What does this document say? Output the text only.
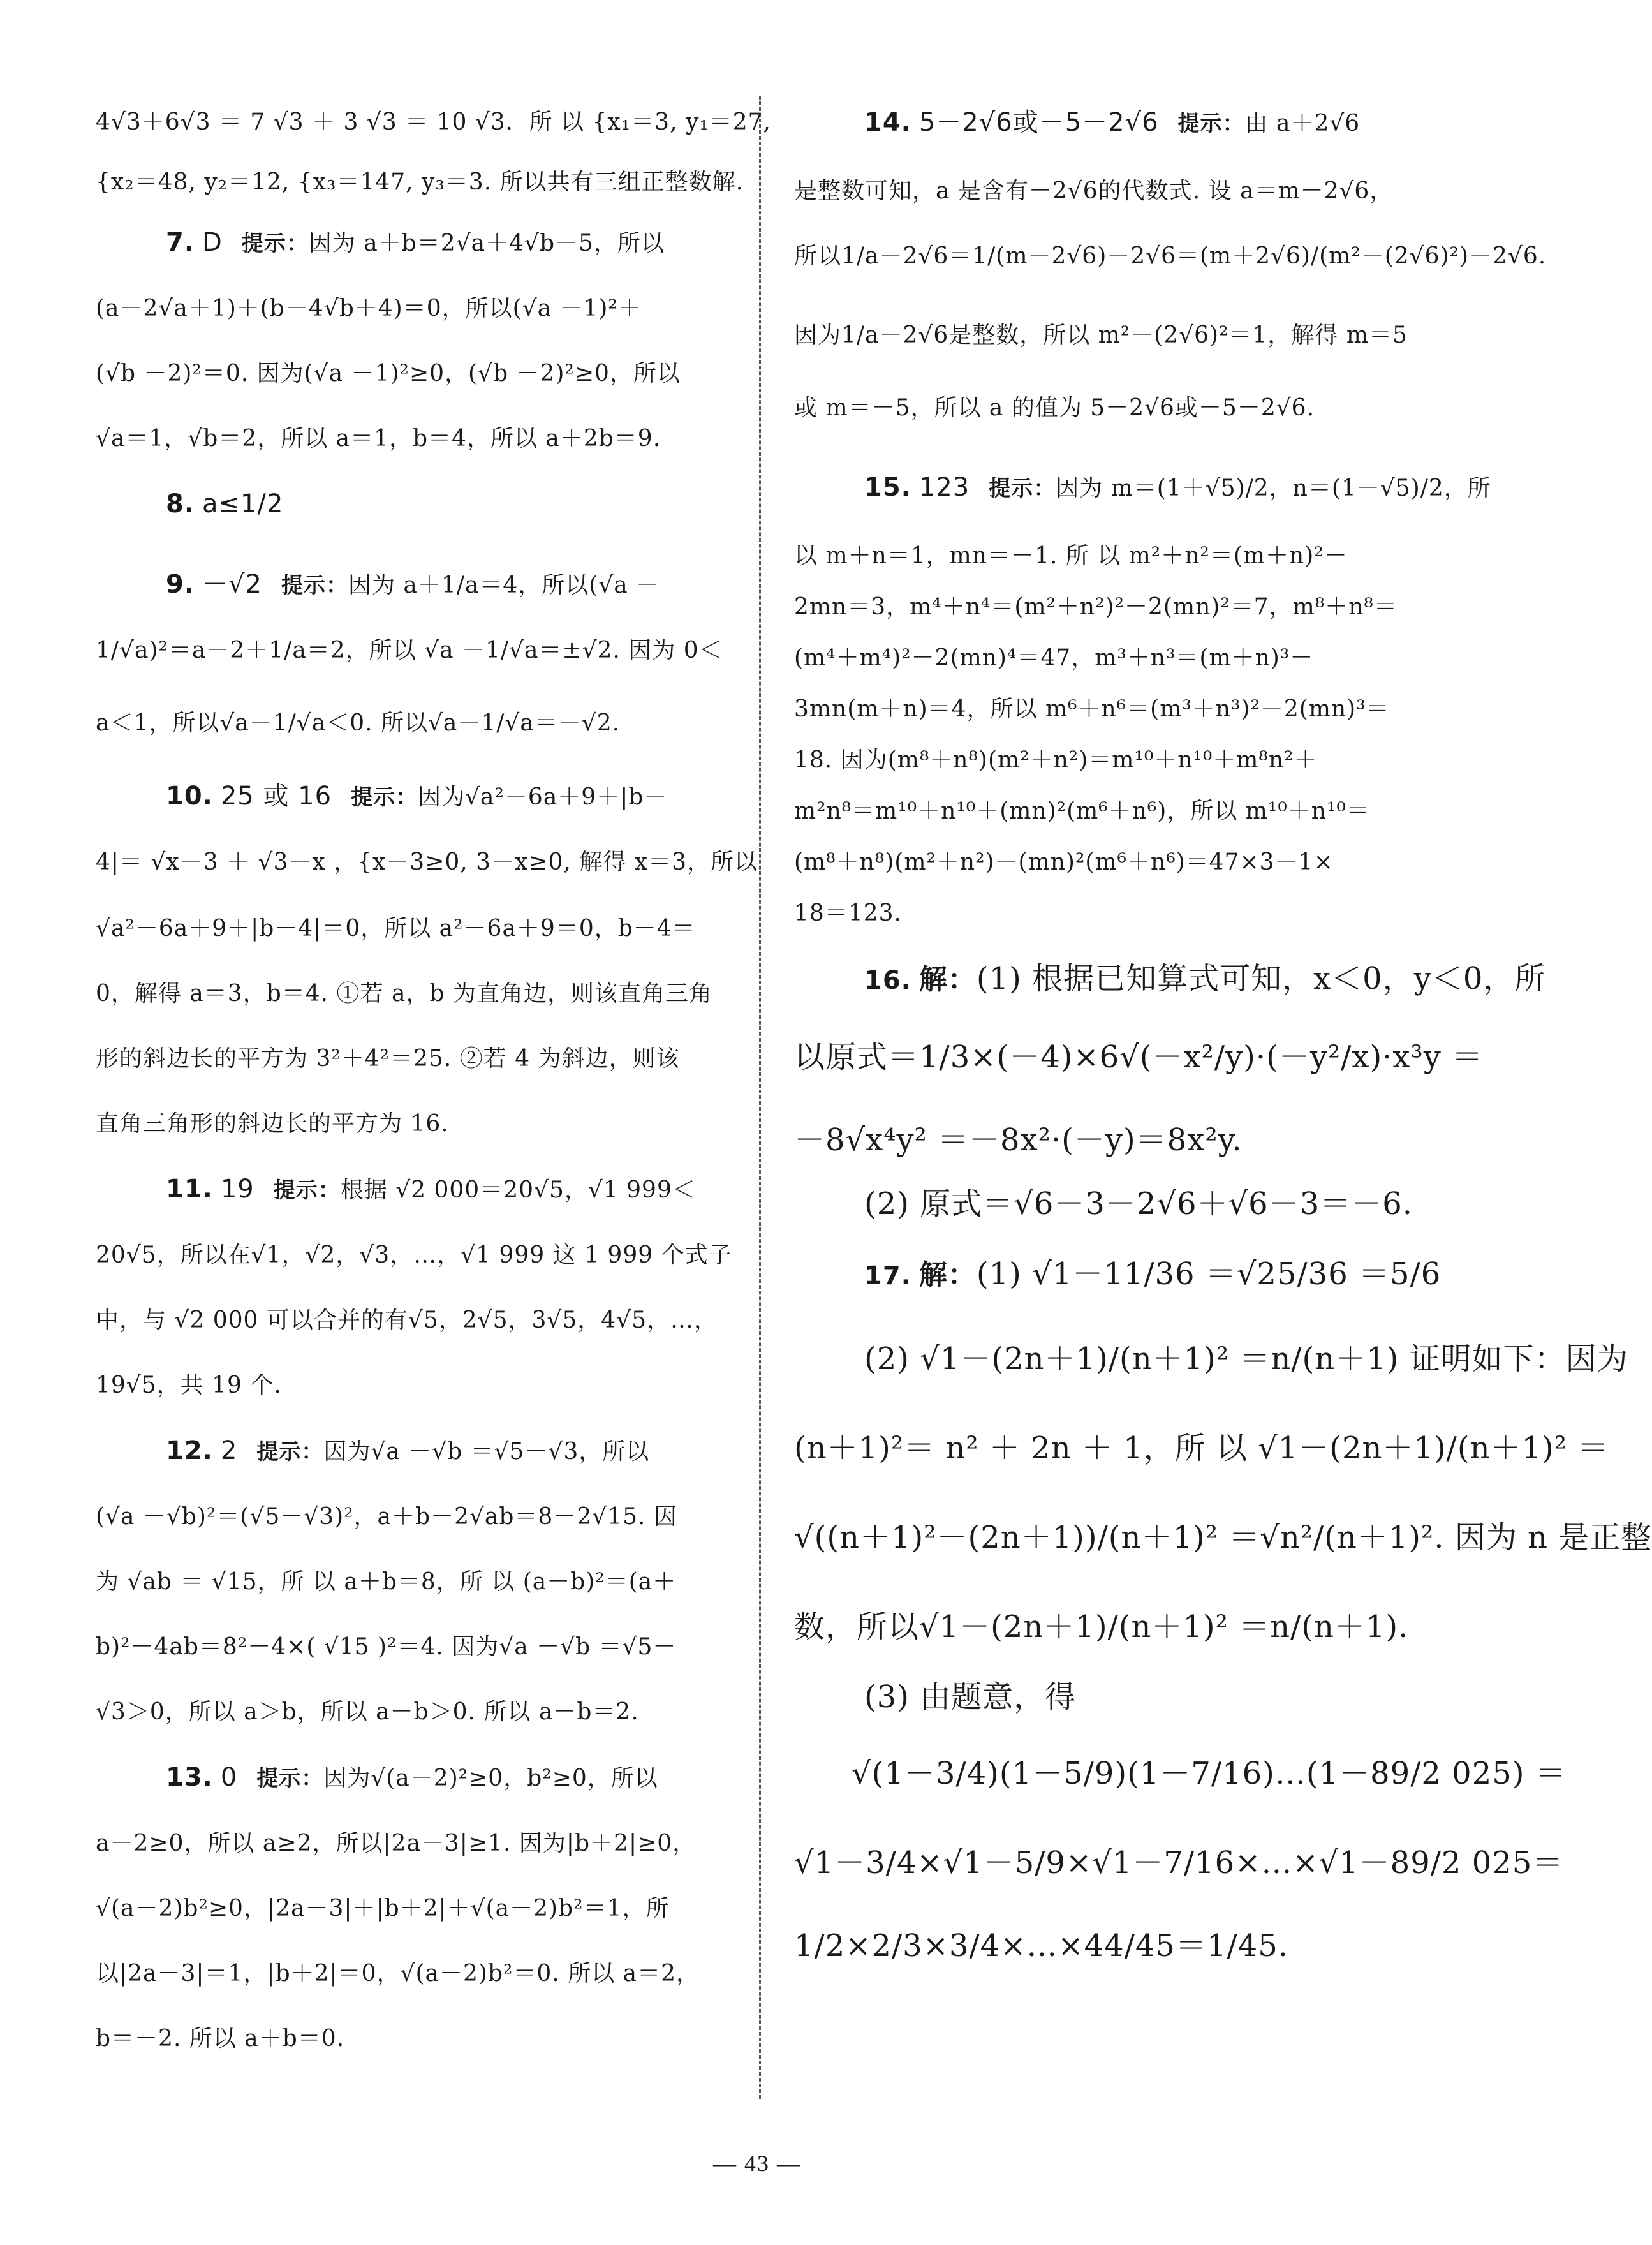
4√3＋6√3 ＝ 7 √3 ＋ 3 √3 ＝ 10 √3．所 以 {x₁＝3, y₁＝27,
{x₂＝48, y₂＝12, {x₃＝147, y₃＝3. 所以共有三组正整数解.
7. D 提示：因为 a＋b＝2√a＋4√b－5，所以
(a－2√a＋1)＋(b－4√b＋4)＝0，所以(√a －1)²＋
(√b －2)²＝0. 因为(√a －1)²≥0，(√b －2)²≥0，所以
√a＝1，√b＝2，所以 a＝1，b＝4，所以 a＋2b＝9.
8. a≤1/2
9. －√2 提示：因为 a＋1/a＝4，所以(√a －
1/√a)²＝a－2＋1/a＝2，所以 √a －1/√a＝±√2. 因为 0＜
a＜1，所以√a－1/√a＜0. 所以√a－1/√a＝－√2.
10. 25 或 16 提示：因为√a²－6a＋9＋|b－
4|＝ √x－3 ＋ √3－x ，{x－3≥0, 3－x≥0, 解得 x＝3，所以
√a²－6a＋9＋|b－4|＝0，所以 a²－6a＋9＝0，b－4＝
0，解得 a＝3，b＝4. ①若 a，b 为直角边，则该直角三角
形的斜边长的平方为 3²＋4²＝25. ②若 4 为斜边，则该
直角三角形的斜边长的平方为 16.
11. 19 提示：根据 √2 000＝20√5，√1 999＜
20√5，所以在√1，√2，√3，…，√1 999 这 1 999 个式子
中，与 √2 000 可以合并的有√5，2√5，3√5，4√5，…，
19√5，共 19 个.
12. 2 提示：因为√a －√b ＝√5－√3，所以
(√a －√b)²＝(√5－√3)²，a＋b－2√ab＝8－2√15. 因
为 √ab ＝ √15，所 以 a＋b＝8，所 以 (a－b)²＝(a＋
b)²－4ab＝8²－4×( √15 )²＝4. 因为√a －√b ＝√5－
√3＞0，所以 a＞b，所以 a－b＞0. 所以 a－b＝2.
13. 0 提示：因为√(a－2)²≥0，b²≥0，所以
a－2≥0，所以 a≥2，所以|2a－3|≥1. 因为|b＋2|≥0，
√(a－2)b²≥0，|2a－3|＋|b＋2|＋√(a－2)b²＝1，所
以|2a－3|＝1，|b＋2|＝0，√(a－2)b²＝0. 所以 a＝2，
b＝－2. 所以 a＋b＝0.
14. 5－2√6或－5－2√6 提示：由 a＋2√6
是整数可知，a 是含有－2√6的代数式. 设 a＝m－2√6，
所以1/a－2√6＝1/(m－2√6)－2√6＝(m＋2√6)/(m²－(2√6)²)－2√6.
因为1/a－2√6是整数，所以 m²－(2√6)²＝1，解得 m＝5
或 m＝－5，所以 a 的值为 5－2√6或－5－2√6.
15. 123 提示：因为 m＝(1＋√5)/2，n＝(1－√5)/2，所
以 m＋n＝1，mn＝－1. 所 以 m²＋n²＝(m＋n)²－
2mn＝3，m⁴＋n⁴＝(m²＋n²)²－2(mn)²＝7，m⁸＋n⁸＝
(m⁴＋m⁴)²－2(mn)⁴＝47，m³＋n³＝(m＋n)³－
3mn(m＋n)＝4，所以 m⁶＋n⁶＝(m³＋n³)²－2(mn)³＝
18. 因为(m⁸＋n⁸)(m²＋n²)＝m¹⁰＋n¹⁰＋m⁸n²＋
m²n⁸＝m¹⁰＋n¹⁰＋(mn)²(m⁶＋n⁶)，所以 m¹⁰＋n¹⁰＝
(m⁸＋n⁸)(m²＋n²)－(mn)²(m⁶＋n⁶)＝47×3－1×
18＝123.
16. 解：(1) 根据已知算式可知，x＜0，y＜0，所
以原式＝1/3×(－4)×6√(－x²/y)·(－y²/x)·x³y ＝
－8√x⁴y² ＝－8x²·(－y)＝8x²y.
(2) 原式＝√6－3－2√6＋√6－3＝－6.
17. 解：(1) √1－11/36 ＝√25/36 ＝5/6
(2) √1－(2n＋1)/(n＋1)² ＝n/(n＋1) 证明如下：因为
(n＋1)²＝ n² ＋ 2n ＋ 1，所 以 √1－(2n＋1)/(n＋1)² ＝
√((n＋1)²－(2n＋1))/(n＋1)² ＝√n²/(n＋1)². 因为 n 是正整
数，所以√1－(2n＋1)/(n＋1)² ＝n/(n＋1).
(3) 由题意，得
√(1－3/4)(1－5/9)(1－7/16)…(1－89/2 025) ＝
√1－3/4×√1－5/9×√1－7/16×…×√1－89/2 025＝
1/2×2/3×3/4×…×44/45＝1/45.
— 43 —
